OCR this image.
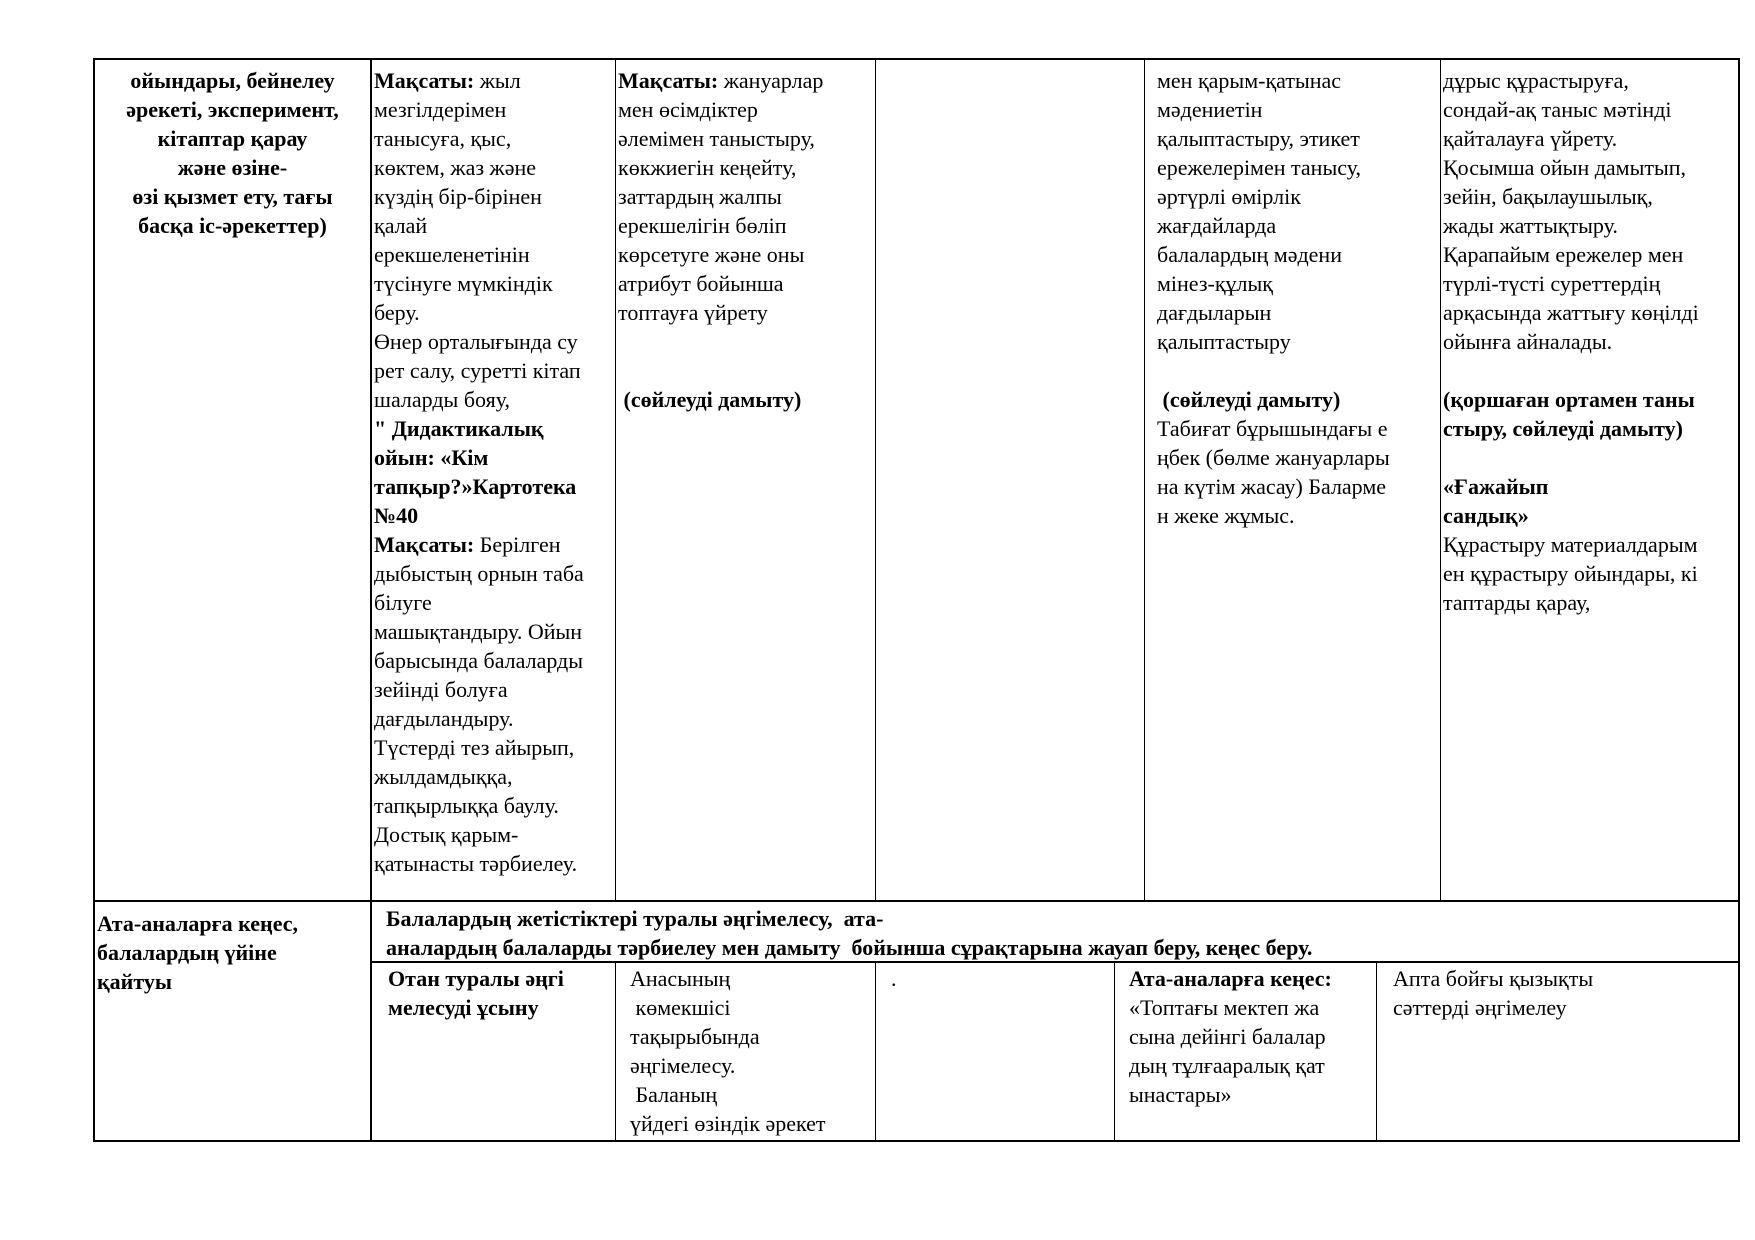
ойындары, бейнелеу

әрекеті, эксперимент,

кітаптар қарау

және өзіне-

өзі қызмет ету, тағы

басқа іс-әрекеттер)

Мақсаты: жыл

мезгілдерімен

танысуға, қыс,

көктем, жаз және

күздің бір-бірінен

қалай

ерекшеленетінін

түсінуге мүмкіндік

беру.

Өнер орталығында су

рет салу, суретті кітап

шаларды бояу,

" Дидактикалық

ойын: «Кім

тапқыр?»Картотека

№40

Мақсаты: Берілген

дыбыстың орнын таба

білуге

машықтандыру. Ойын

барысында балаларды

зейінді болуға

дағдыландыру.

Түстерді тез айырып,

жылдамдыққа,

тапқырлыққа баулу.

Достық қарым-

қатынасты тәрбиелеу.

Мақсаты: жануарлар

мен өсімдіктер

әлемімен таныстыру,

көкжиегін кеңейту,

заттардың жалпы

ерекшелігін бөліп

көрсетуге және оны

атрибут бойынша

топтауға үйрету

(сөйлеуді дамыту)

мен қарым-қатынас

мәдениетін

қалыптастыру, этикет

ережелерімен танысу,

әртүрлі өмірлік

жағдайларда

балалардың мәдени

мінез-құлық

дағдыларын

қалыптастыру

(сөйлеуді дамыту)

Табиғат бұрышындағы е

ңбек (бөлме жануарлары

на күтім жасау) Баларме

н жеке жұмыс.

дұрыс құрастыруға,

сондай-ақ таныс мәтінді

қайталауға үйрету.

Қосымша ойын дамытып,

зейін, бақылаушылық,

жады жаттықтыру.

Қарапайым ережелер мен

түрлі-түсті суреттердің

арқасында жаттығу көңілді

ойынға айналады.

(қоршаған ортамен таны

стыру, сөйлеуді дамыту)

«Ғажайып

сандық»

Құрастыру материалдарым

ен құрастыру ойындары, кі

таптарды қарау,

Ата-аналарға кеңес,

балалардың үйіне

қайтуы

Балалардың жетістіктері туралы әңгімелесу,  ата-

аналардың балаларды тәрбиелеу мен дамыту  бойынша сұрақтарына жауап беру, кеңес беру.

Отан туралы әңгі

мелесуді ұсыну

Анасының

көмекшісі

тақырыбында

әңгімелесу.

Баланың

үйдегі өзіндік әрекет

.	Ата-аналарға кеңес:

«Топтағы мектеп жа

сына дейінгі балалар

дың тұлғааралық қат

ынастары»

Апта бойғы қызықты

сәттерді әңгімелеу
